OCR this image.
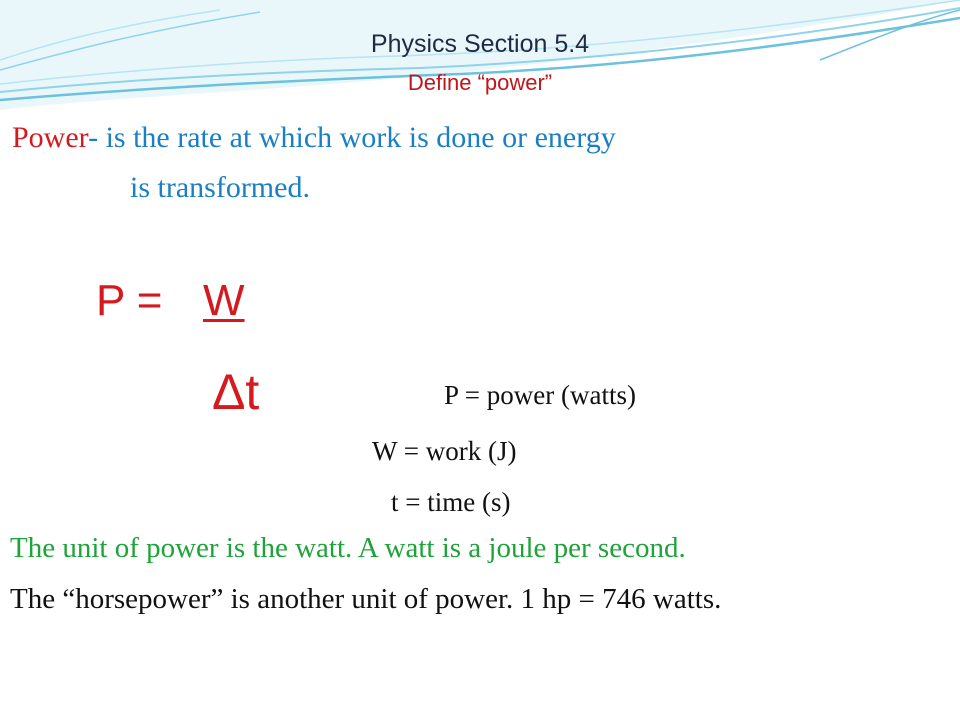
Physics Section 5.4
Define “power”
Power- is the rate at which work is done or energy
is transformed.
P = W
Δt	P = power (watts)
W = work (J)
t = time (s)
The unit of power is the watt. A watt is a joule per second.
The “horsepower” is another unit of power. 1 hp = 746 watts.
